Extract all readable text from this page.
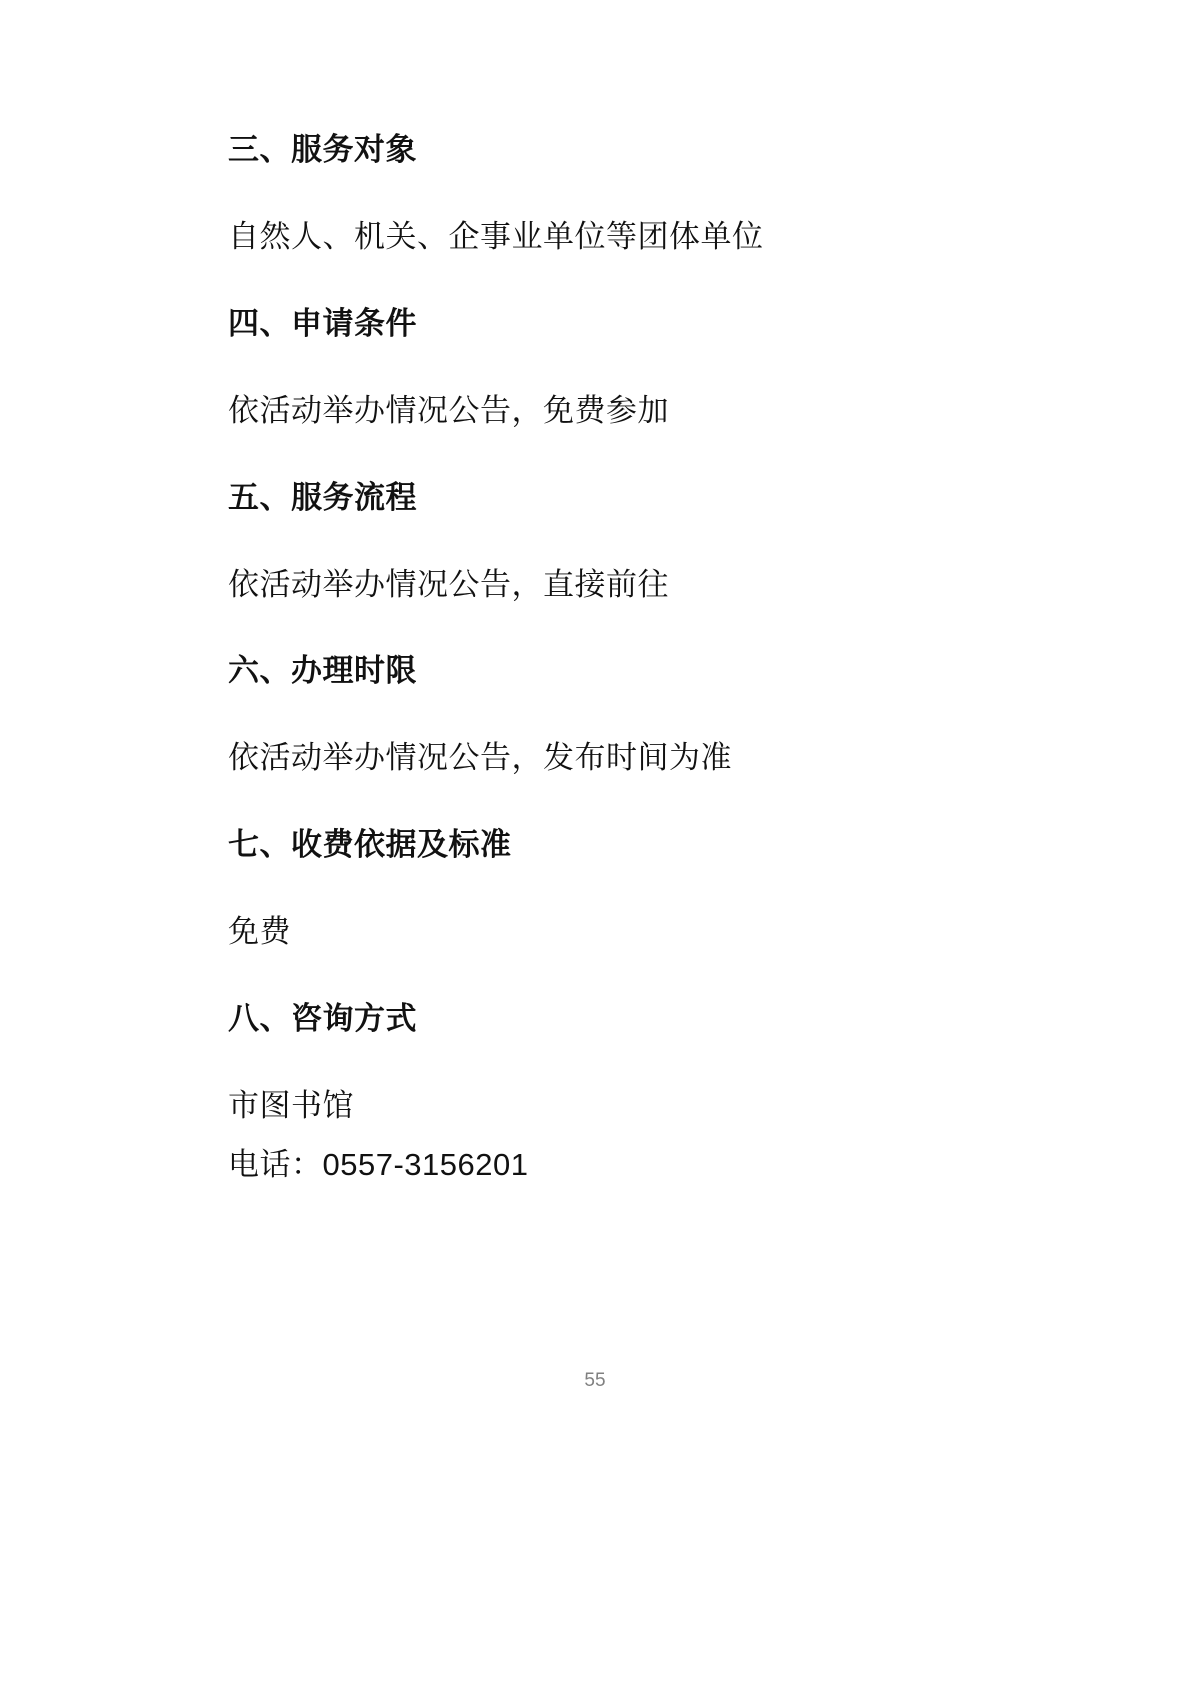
三、服务对象

自然人、机关、企事业单位等团体单位

四、申请条件

依活动举办情况公告，免费参加

五、服务流程

依活动举办情况公告，直接前往

六、办理时限

依活动举办情况公告，发布时间为准

七、收费依据及标准

免费

八、咨询方式

市图书馆

电话：0557-3156201

55
